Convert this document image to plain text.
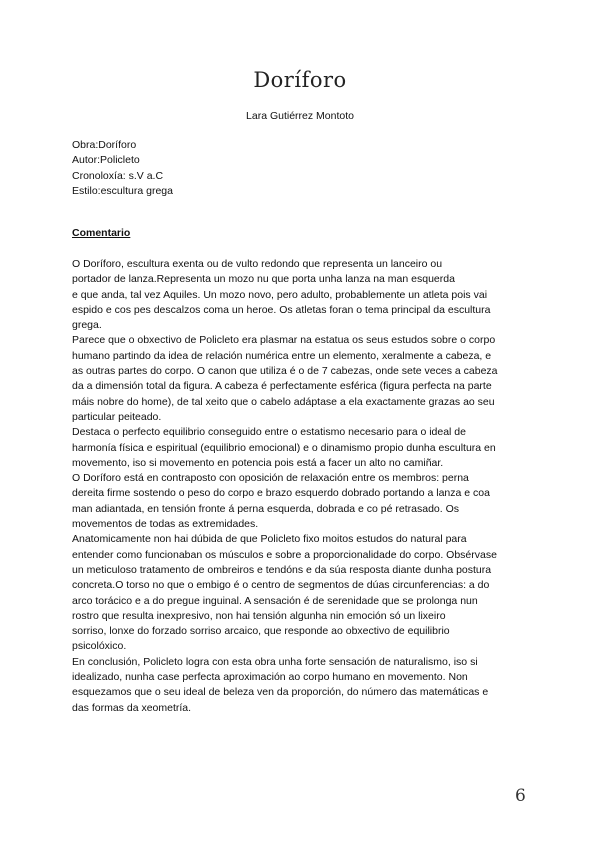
Doríforo
Lara Gutiérrez Montoto
Obra:Doríforo
Autor:Policleto
Cronoloxía: s.V a.C
Estilo:escultura grega
Comentario
O Doríforo, escultura exenta ou de vulto redondo que representa un lanceiro ou
portador de lanza.Representa un mozo nu que porta unha lanza na man esquerda
e que anda, tal vez Aquiles. Un mozo novo, pero adulto, probablemente un atleta pois vai
espido e cos pes descalzos coma un heroe. Os atletas foran o tema principal da escultura
grega.
Parece que o obxectivo de Policleto era plasmar na estatua os seus estudos sobre o corpo
humano partindo da idea de relación numérica entre un elemento, xeralmente a cabeza, e
as outras partes do corpo. O canon que utiliza é o de 7 cabezas, onde sete veces a cabeza
da a dimensión total da figura. A cabeza é perfectamente esférica (figura perfecta na parte
máis nobre do home), de tal xeito que o cabelo adáptase a ela exactamente grazas ao seu
particular peiteado.
Destaca o perfecto equilibrio conseguido entre o estatismo necesario para o ideal de
harmonía física e espiritual (equilibrio emocional) e o dinamismo propio dunha escultura en
movemento, iso si movemento en potencia pois está a facer un alto no camiñar.
O Doríforo está en contraposto con oposición de relaxación entre os membros: perna
dereita firme sostendo o peso do corpo e brazo esquerdo dobrado portando a lanza e coa
man adiantada, en tensión fronte á perna esquerda, dobrada e co pé retrasado. Os
movementos de todas as extremidades.
Anatomicamente non hai dúbida de que Policleto fixo moitos estudos do natural para
entender como funcionaban os músculos e sobre a proporcionalidade do corpo. Obsérvase
un meticuloso tratamento de ombreiros e tendóns e da súa resposta diante dunha postura
concreta.O torso no que o embigo é o centro de segmentos de dúas circunferencias: a do
arco torácico e a do pregue inguinal. A sensación é de serenidade que se prolonga nun
rostro que resulta inexpresivo, non hai tensión algunha nin emoción só un lixeiro
sorriso, lonxe do forzado sorriso arcaico, que responde ao obxectivo de equilibrio
psicolóxico.
En conclusión, Policleto logra con esta obra unha forte sensación de naturalismo, iso si
idealizado, nunha case perfecta aproximación ao corpo humano en movemento. Non
esquezamos que o seu ideal de beleza ven da proporción, do número das matemáticas e
das formas da xeometría.
6
